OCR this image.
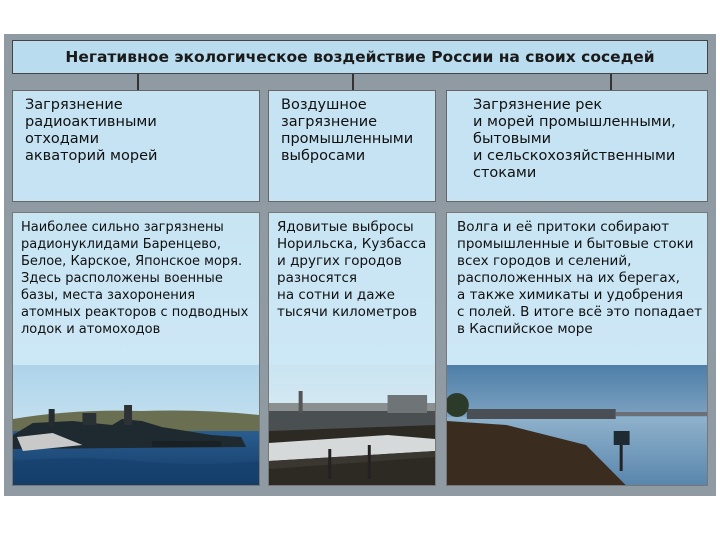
Негативное экологическое воздействие России на своих соседей
Загрязнение
радиоактивными
отходами
акваторий морей
Воздушное
загрязнение
промышленными
выбросами
Загрязнение рек
и морей промышленными,
бытовыми
и сельскохозяйственными
стоками
Наиболее сильно загрязнены
радионуклидами Баренцево,
Белое, Карское, Японское моря.
Здесь расположены военные
базы, места захоронения
атомных реакторов с подводных
лодок и атомоходов
Ядовитые выбросы
Норильска, Кузбасса
и других городов
разносятся
на сотни и даже
тысячи километров
Волга и её притоки собирают
промышленные и бытовые стоки
всех городов и селений,
расположенных на их берегах,
а также химикаты и удобрения
с полей. В итоге всё это попадает
в Каспийское море
